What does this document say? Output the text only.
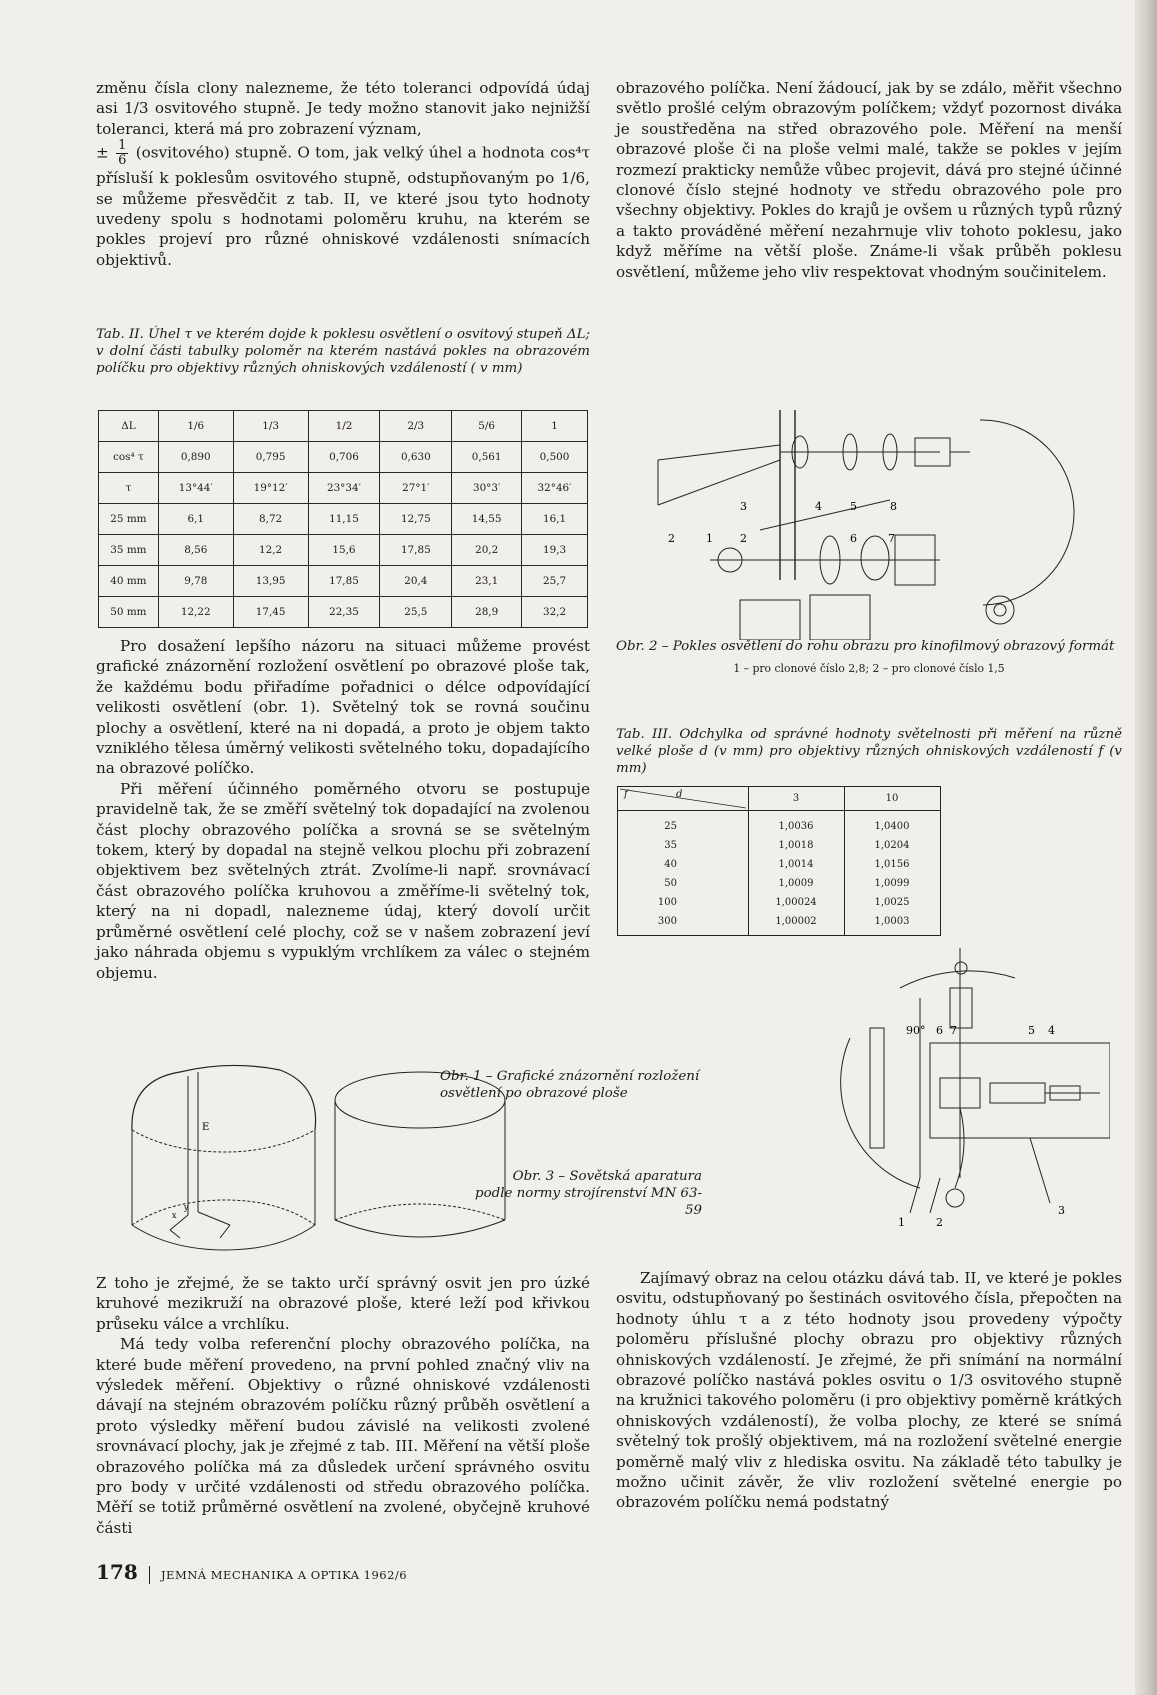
změnu čísla clony nalezneme, že této toleranci odpovídá údaj asi 1/3 osvitového stupně. Je tedy možno stanovit jako nejnižší toleranci, která má pro zobrazení význam,
± $\frac{1}{6}$ (osvitového) stupně. O tom, jak velký úhel a hodnota cos⁴τ přísluší k poklesům osvitového stupně, odstupňovaným po 1/6, se můžeme přesvědčit z tab. II, ve které jsou tyto hodnoty uvedeny spolu s hodnotami poloměru kruhu, na kterém se pokles projeví pro různé ohniskové vzdálenosti snímacích objektivů.

Tab. II. Úhel τ ve kterém dojde k poklesu osvětlení o osvitový stupeň ΔL; v dolní části tabulky poloměr na kterém nastává pokles na obrazovém políčku pro objektivy různých ohniskových vzdáleností ( v mm)

ΔL	1/6	1/3	1/2	2/3	5/6	1
cos⁴ τ	0,890	0,795	0,706	0,630	0,561	0,500
τ	13°44′	19°12′	23°34′	27°1′	30°3′	32°46′
25 mm	6,1	8,72	11,15	12,75	14,55	16,1
35 mm	8,56	12,2	15,6	17,85	20,2	19,3
40 mm	9,78	13,95	17,85	20,4	23,1	25,7
50 mm	12,22	17,45	22,35	25,5	28,9	32,2

Pro dosažení lepšího názoru na situaci můžeme provést grafické znázornění rozložení osvětlení po obrazové ploše tak, že každému bodu přiřadíme pořadnici o délce odpovídající velikosti osvětlení (obr. 1). Světelný tok se rovná součinu plochy a osvětlení, které na ni dopadá, a proto je objem takto vzniklého tělesa úměrný velikosti světelného toku, dopadajícího na obrazové políčko.

Při měření účinného poměrného otvoru se postupuje pravidelně tak, že se změří světelný tok dopadající na zvolenou část plochy obrazového políčka a srovná se se světelným tokem, který by dopadal na stejně velkou plochu při zobrazení objektivem bez světelných ztrát. Zvolíme-li např. srovnávací část obrazového políčka kruhovou a změříme-li světelný tok, který na ni dopadl, nalezneme údaj, který dovolí určit průměrné osvětlení celé plochy, což se v našem zobrazení jeví jako náhrada objemu s vypuklým vrchlíkem za válec o stejném objemu.

E
x
y

Obr. 1 – Grafické znázornění rozložení osvětlení po obrazové ploše

Obr. 3 – Sovětská aparatura podle normy strojírenství MN 63-59

Z toho je zřejmé, že se takto určí správný osvit jen pro úzké kruhové mezikruží na obrazové ploše, které leží pod křivkou průseku válce a vrchlíku.

Má tedy volba referenční plochy obrazového políčka, na které bude měření provedeno, na první pohled značný vliv na výsledek měření. Objektivy o různé ohniskové vzdálenosti dávají na stejném obrazovém políčku různý průběh osvětlení a proto výsledky měření budou závislé na velikosti zvolené srovnávací plochy, jak je zřejmé z tab. III. Měření na větší ploše obrazového políčka má za důsledek určení správného osvitu pro body v určité vzdálenosti od středu obrazového políčka. Měří se totiž průměrné osvětlení na zvolené, obyčejně kruhové části

obrazového políčka. Není žádoucí, jak by se zdálo, měřit všechno světlo prošlé celým obrazovým políčkem; vždyť pozornost diváka je soustředěna na střed obrazového pole. Měření na menší obrazové ploše či na ploše velmi malé, takže se pokles v jejím rozmezí prakticky nemůže vůbec projevit, dává pro stejné účinné clonové číslo stejné hodnoty ve středu obrazového pole pro všechny objektivy. Pokles do krajů je ovšem u různých typů různý a takto prováděné měření nezahrnuje vliv tohoto poklesu, jako když měříme na větší ploše. Známe-li však průběh poklesu osvětlení, můžeme jeho vliv respektovat vhodným součinitelem.

3	4	5	8
2	1 2	6	7

Obr. 2 – Pokles osvětlení do rohu obrazu pro kinofilmový obrazový formát

1 – pro clonové číslo 2,8; 2 – pro clonové číslo 1,5

Tab. III. Odchylka od správné hodnoty světelnosti při měření na různě velké ploše d (v mm) pro objektivy různých ohniskových vzdáleností f (v mm)

f	d	3	10
25		1,0036	1,0400
35		1,0018	1,0204
40		1,0014	1,0156
50		1,0009	1,0099
100		1,00024	1,0025
300		1,00002	1,0003
90° 6 7	5 4
1	2
3

Zajímavý obraz na celou otázku dává tab. II, ve které je pokles osvitu, odstupňovaný po šestinách osvitového čísla, přepočten na hodnoty úhlu τ a z této hodnoty jsou provedeny výpočty poloměru příslušné plochy obrazu pro objektivy různých ohniskových vzdáleností. Je zřejmé, že při snímání na normální obrazové políčko nastává pokles osvitu o 1/3 osvitového stupně na kružnici takového poloměru (i pro objektivy poměrně krátkých ohniskových vzdáleností), že volba plochy, ze které se snímá světelný tok prošlý objektivem, má na rozložení světelné energie poměrně malý vliv z hlediska osvitu. Na základě této tabulky je možno učinit závěr, že vliv rozložení světelné energie po obrazovém políčku nemá podstatný

178 JEMNÁ MECHANIKA A OPTIKA 1962/6
